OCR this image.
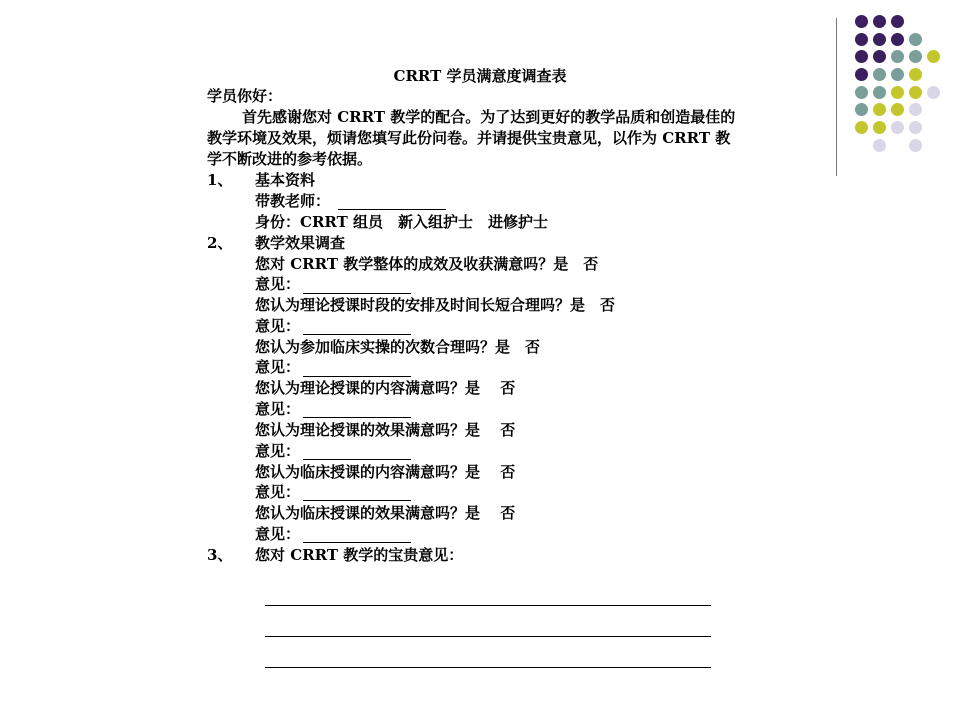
CRRT 学员满意度调查表
学员你好：
首先感谢您对 CRRT 教学的配合。为了达到更好的教学品质和创造最佳的
教学环境及效果，烦请您填写此份问卷。并请提供宝贵意见，以作为 CRRT 教
学不断改进的参考依据。
1、 基本资料
带教老师：
身份：CRRT 组员　新入组护士　进修护士
2、 教学效果调查
您对 CRRT 教学整体的成效及收获满意吗？是　否
意见：
您认为理论授课时段的安排及时间长短合理吗？是　否
意见：
您认为参加临床实操的次数合理吗？是　否
意见：
您认为理论授课的内容满意吗？是　 否
意见：
您认为理论授课的效果满意吗？是　 否
意见：
您认为临床授课的内容满意吗？是　 否
意见：
您认为临床授课的效果满意吗？是　 否
意见：
3、 您对 CRRT 教学的宝贵意见：
